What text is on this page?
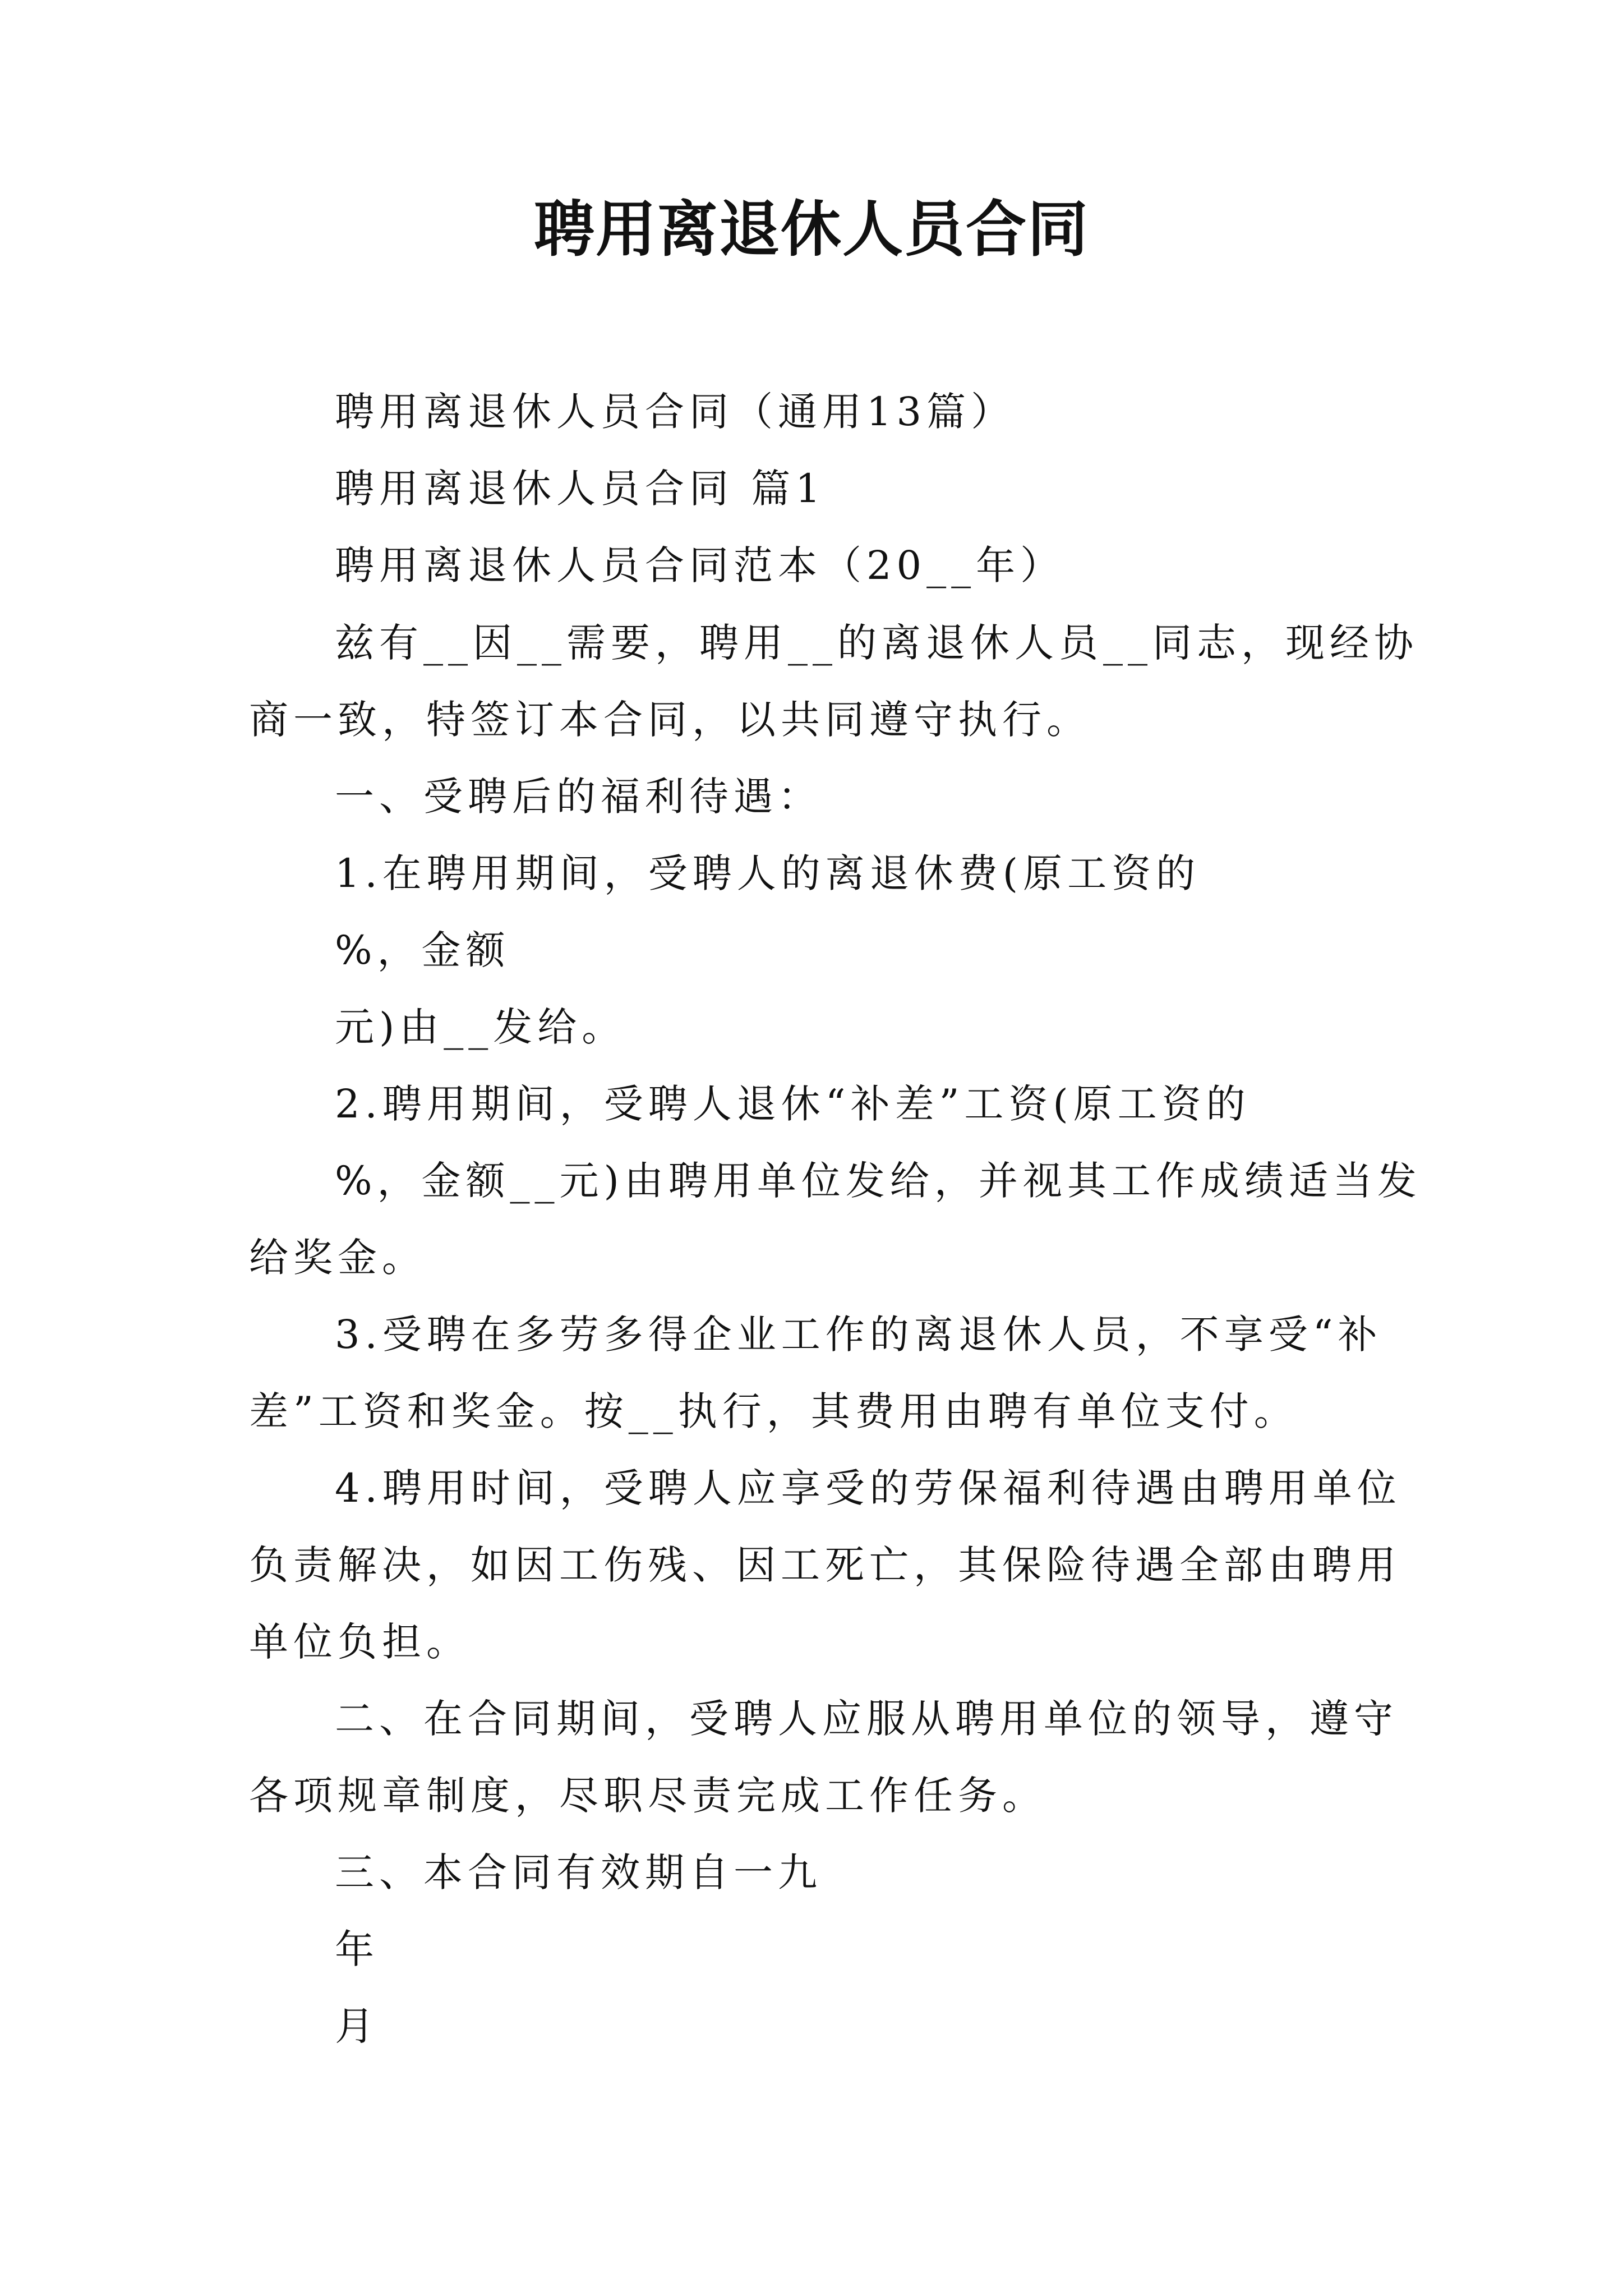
聘用离退休人员合同
聘用离退休人员合同（通用13篇）
聘用离退休人员合同 篇1
聘用离退休人员合同范本（20__年）
兹有__因__需要，聘用__的离退休人员__同志，现经协
商一致，特签订本合同，以共同遵守执行。
一、受聘后的福利待遇：
1.在聘用期间，受聘人的离退休费(原工资的
%，金额
元)由__发给。
2.聘用期间，受聘人退休“补差”工资(原工资的
%，金额__元)由聘用单位发给，并视其工作成绩适当发
给奖金。
3.受聘在多劳多得企业工作的离退休人员，不享受“补
差”工资和奖金。按__执行，其费用由聘有单位支付。
4.聘用时间，受聘人应享受的劳保福利待遇由聘用单位
负责解决，如因工伤残、因工死亡，其保险待遇全部由聘用
单位负担。
二、在合同期间，受聘人应服从聘用单位的领导，遵守
各项规章制度，尽职尽责完成工作任务。
三、本合同有效期自一九
年
月
